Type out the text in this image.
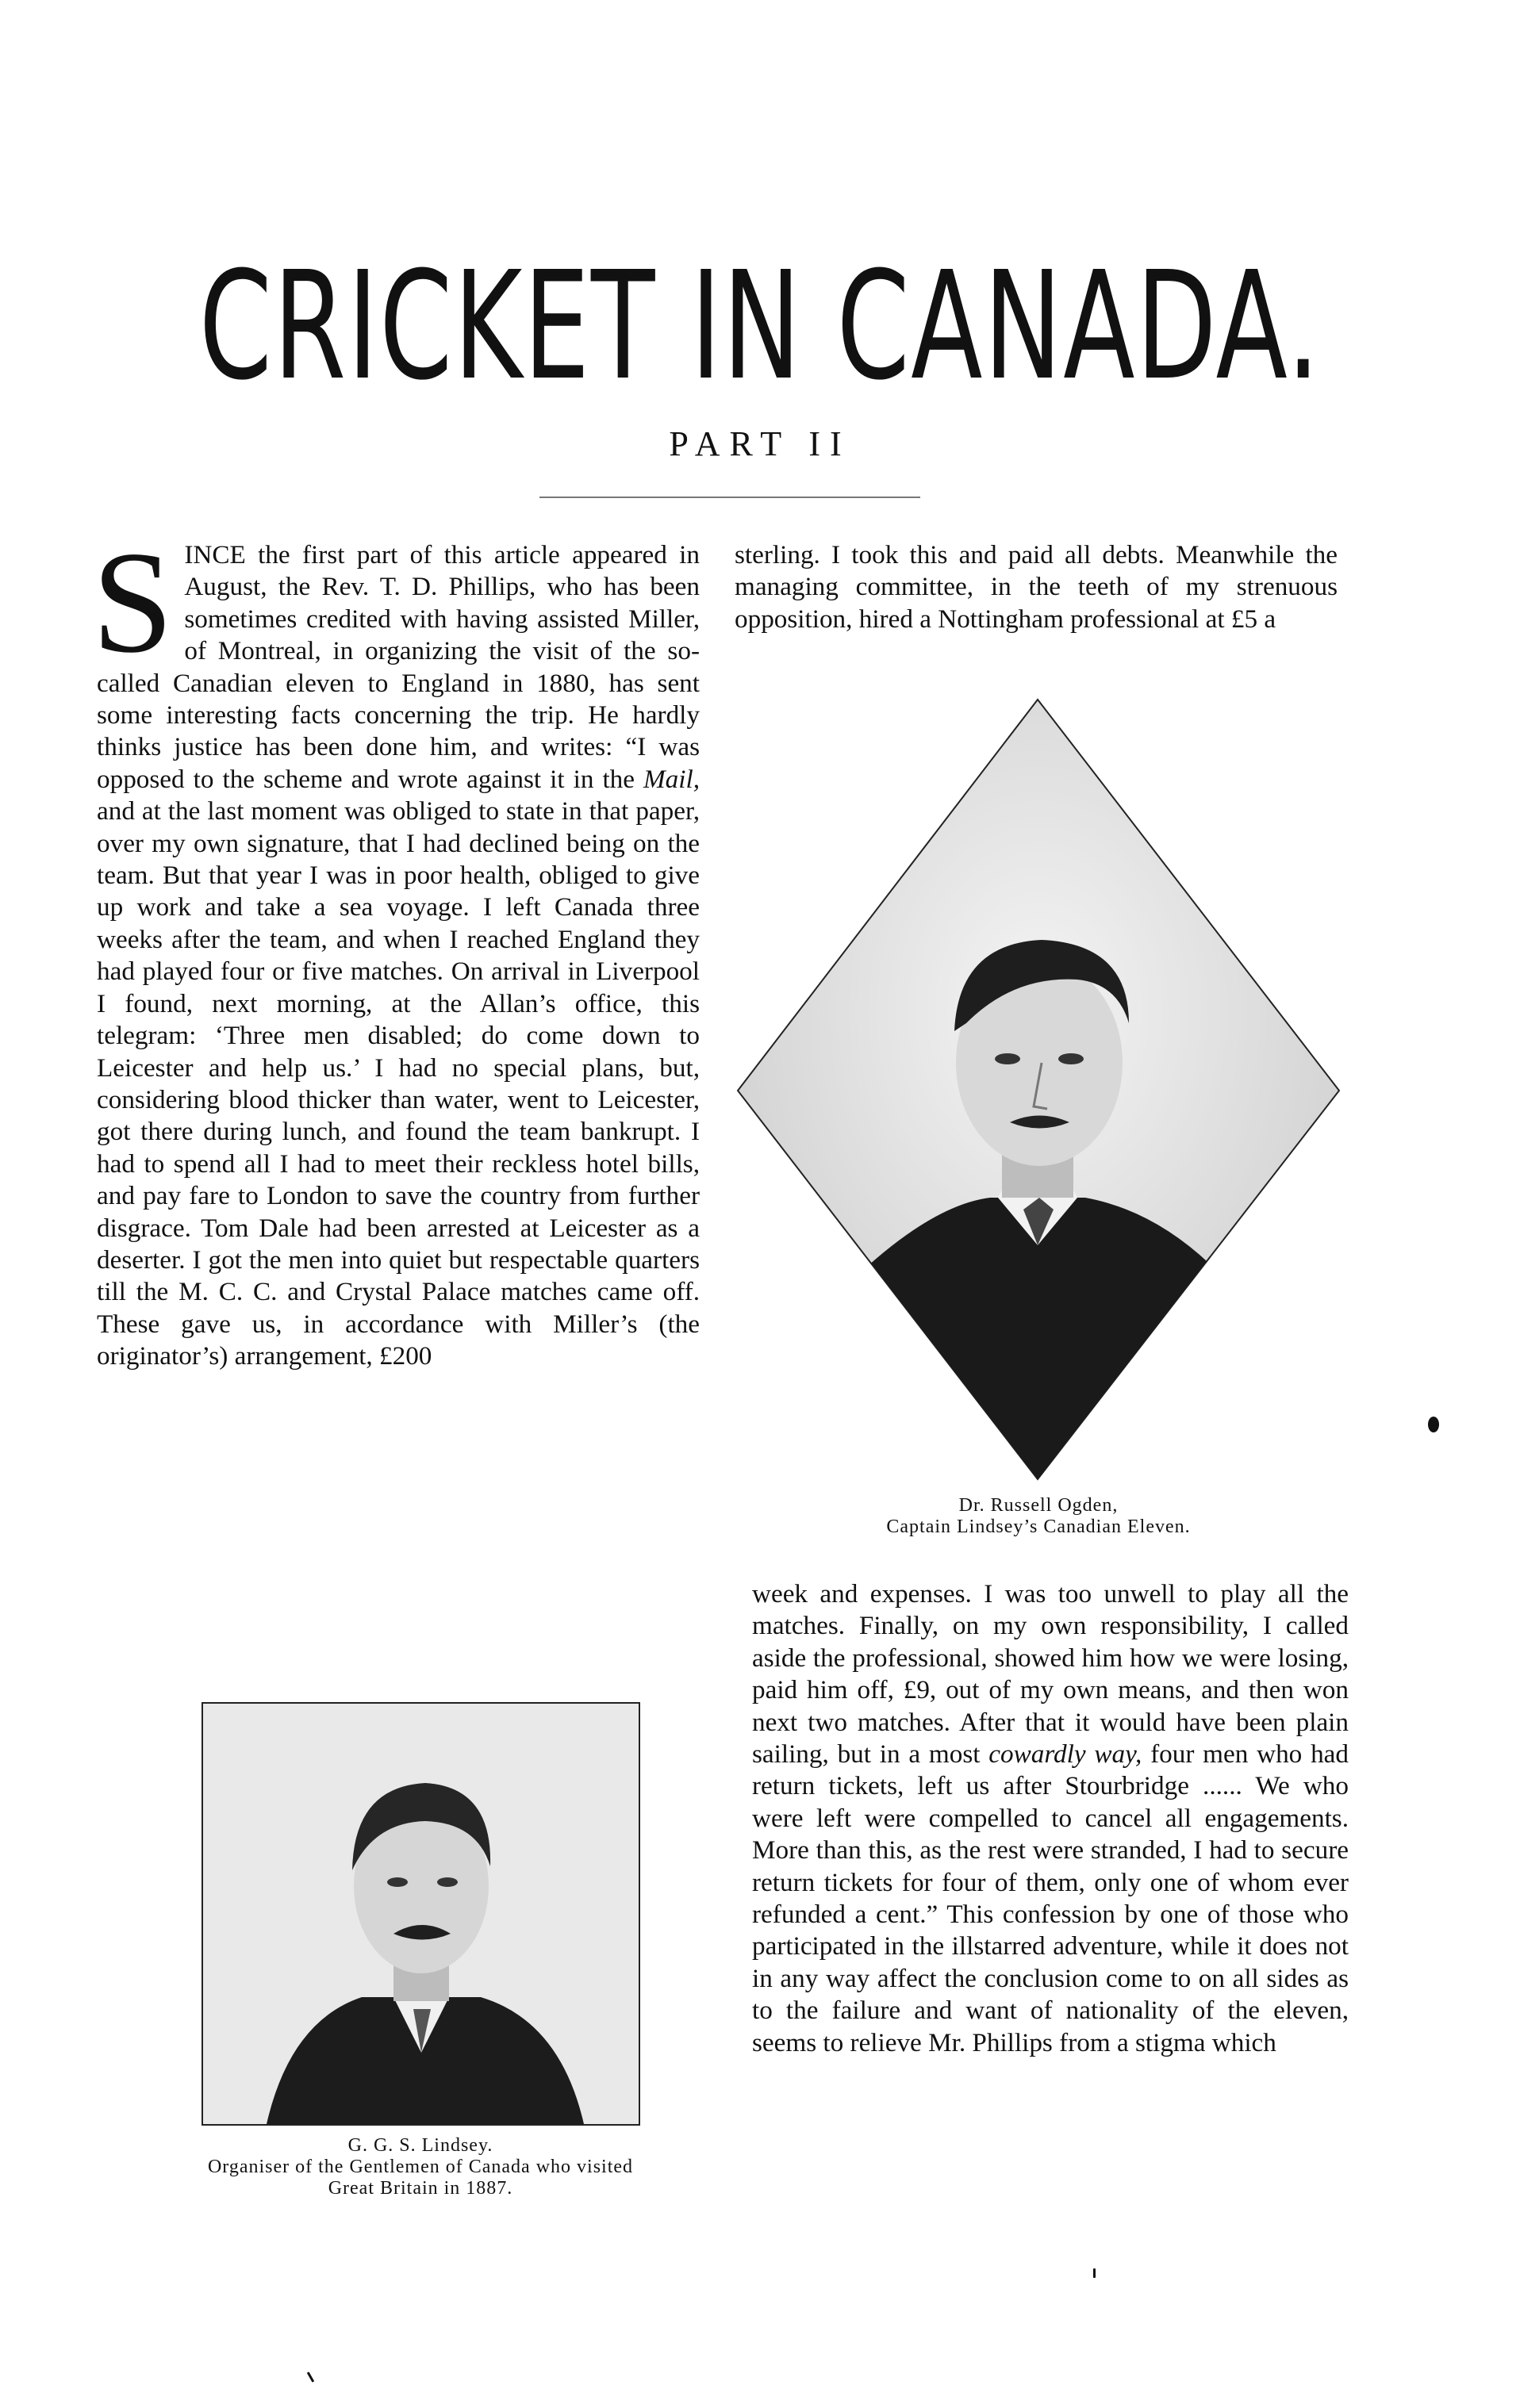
CRICKET IN CANADA.
PART II

SINCE the first part of this article appeared in August, the Rev. T. D. Phillips, who has been sometimes credited with having assisted Miller, of Montreal, in organizing the visit of the so-called Canadian eleven to England in 1880, has sent some interesting facts concerning the trip. He hardly thinks justice has been done him, and writes: “I was opposed to the scheme and wrote against it in the Mail, and at the last moment was obliged to state in that paper, over my own signature, that I had declined being on the team. But that year I was in poor health, obliged to give up work and take a sea voyage. I left Canada three weeks after the team, and when I reached England they had played four or five matches. On arrival in Liverpool I found, next morning, at the Allan’s office, this telegram: ‘Three men disabled; do come down to Leicester and help us.’ I had no special plans, but, considering blood thicker than water, went to Leicester, got there during lunch, and found the team bankrupt. I had to spend all I had to meet their reckless hotel bills, and pay fare to London to save the country from further disgrace. Tom Dale had been arrested at Leicester as a deserter. I got the men into quiet but respectable quarters till the M. C. C. and Crystal Palace matches came off. These gave us, in accordance with Miller’s (the originator’s) arrangement, £200

sterling. I took this and paid all debts. Meanwhile the managing committee, in the teeth of my strenuous opposition, hired a Nottingham professional at £5 a

Dr. Russell Ogden,
Captain Lindsey’s Canadian Eleven.

week and expenses. I was too unwell to play all the matches. Finally, on my own responsibility, I called aside the professional, showed him how we were losing, paid him off, £9, out of my own means, and then won next two matches. After that it would have been plain sailing, but in a most cowardly way, four men who had return tickets, left us after Stourbridge ...... We who were left were compelled to cancel all engagements. More than this, as the rest were stranded, I had to secure return tickets for four of them, only one of whom ever refunded a cent.” This confession by one of those who participated in the illstarred adventure, while it does not in any way affect the conclusion come to on all sides as to the failure and want of nationality of the eleven, seems to relieve Mr. Phillips from a stigma which

G. G. S. Lindsey.
Organiser of the Gentlemen of Canada who visited
Great Britain in 1887.
